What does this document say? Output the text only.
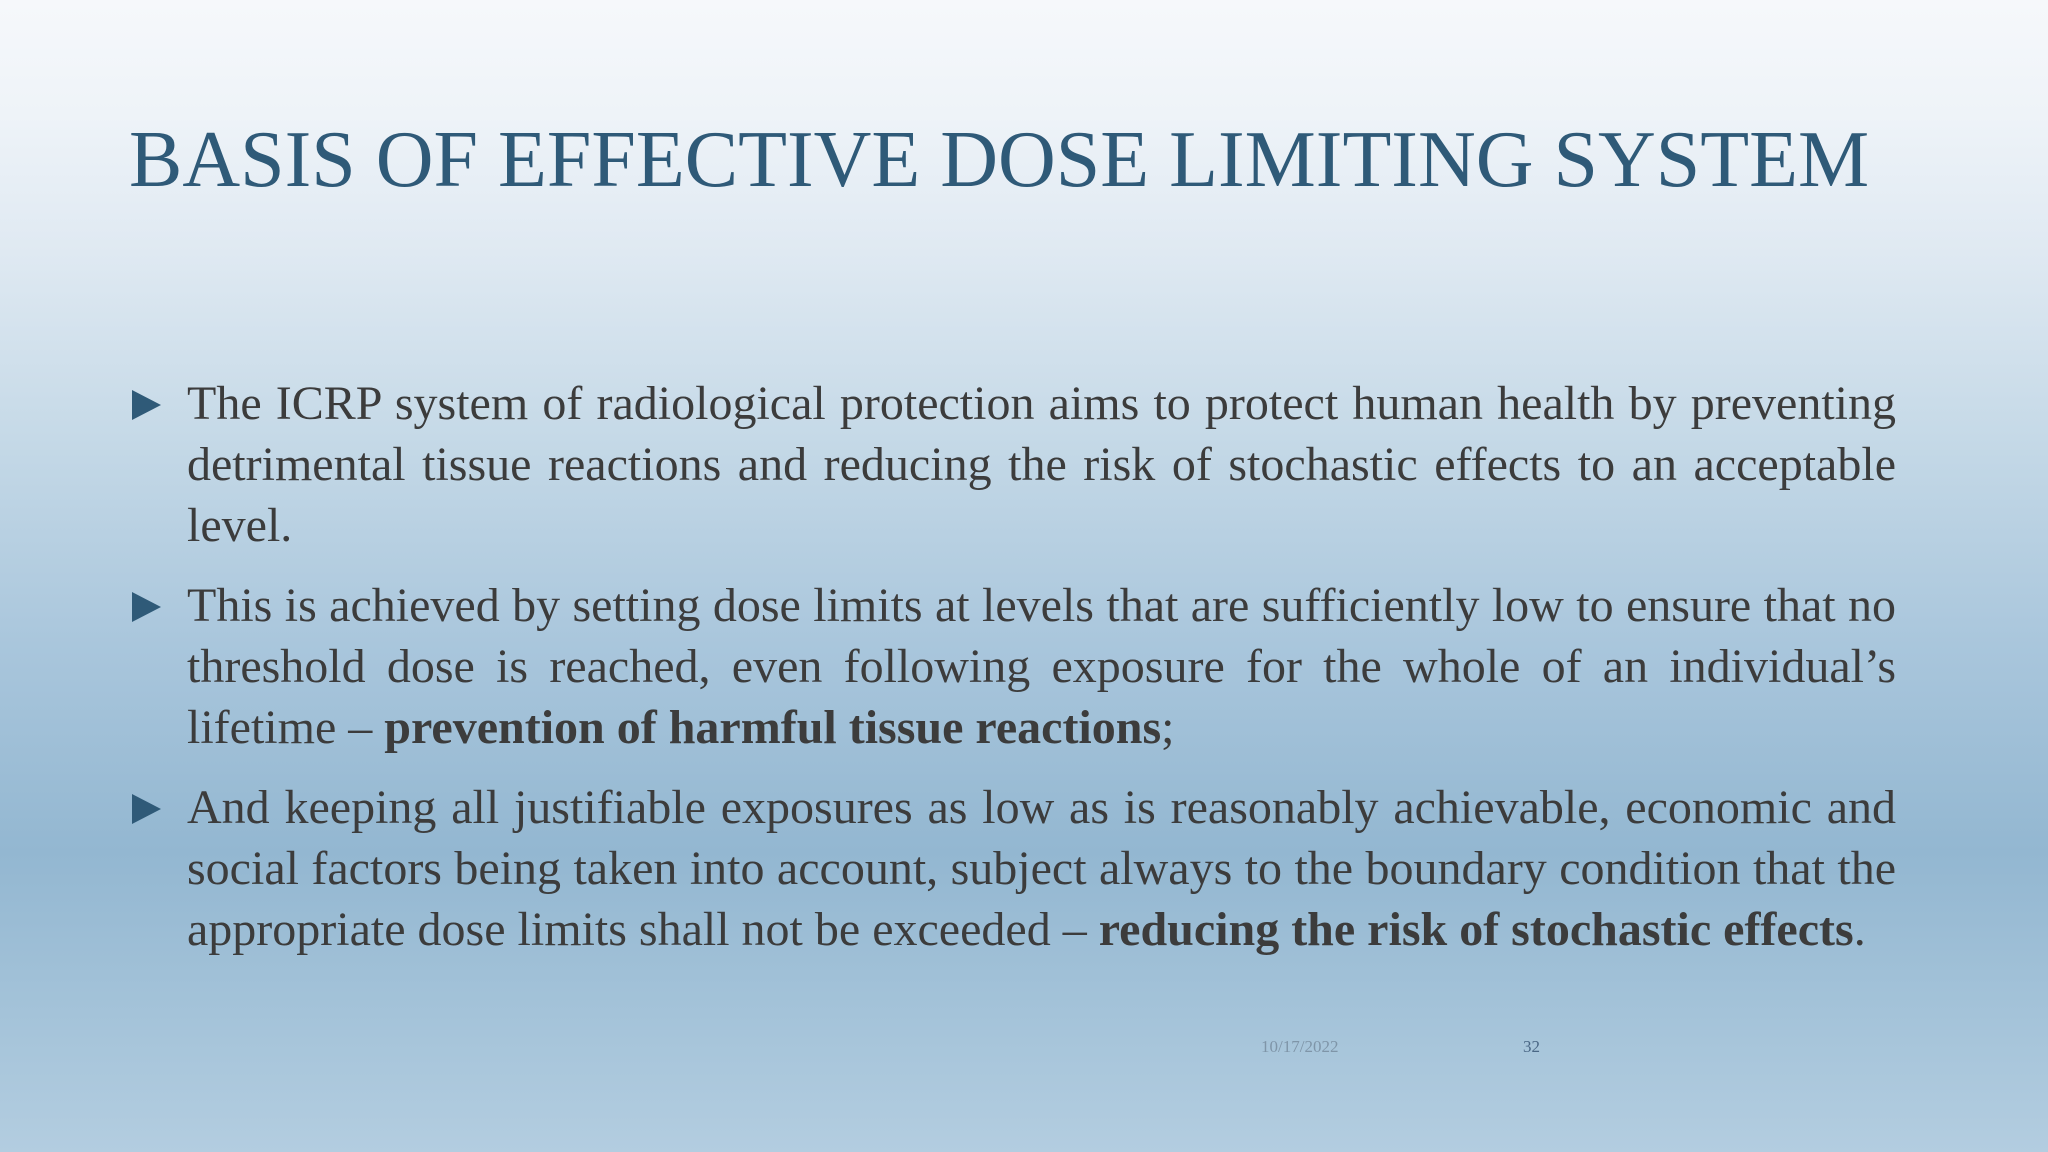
BASIS OF EFFECTIVE DOSE LIMITING SYSTEM
The ICRP system of radiological protection aims to protect human health by preventing detrimental tissue reactions and reducing the risk of stochastic effects to an acceptable level.
This is achieved by setting dose limits at levels that are sufficiently low to ensure that no threshold dose is reached, even following exposure for the whole of an individual’s lifetime – prevention of harmful tissue reactions;
And keeping all justifiable exposures as low as is reasonably achievable, economic and social factors being taken into account, subject always to the boundary condition that the appropriate dose limits shall not be exceeded – reducing the risk of stochastic effects.
10/17/2022	32
